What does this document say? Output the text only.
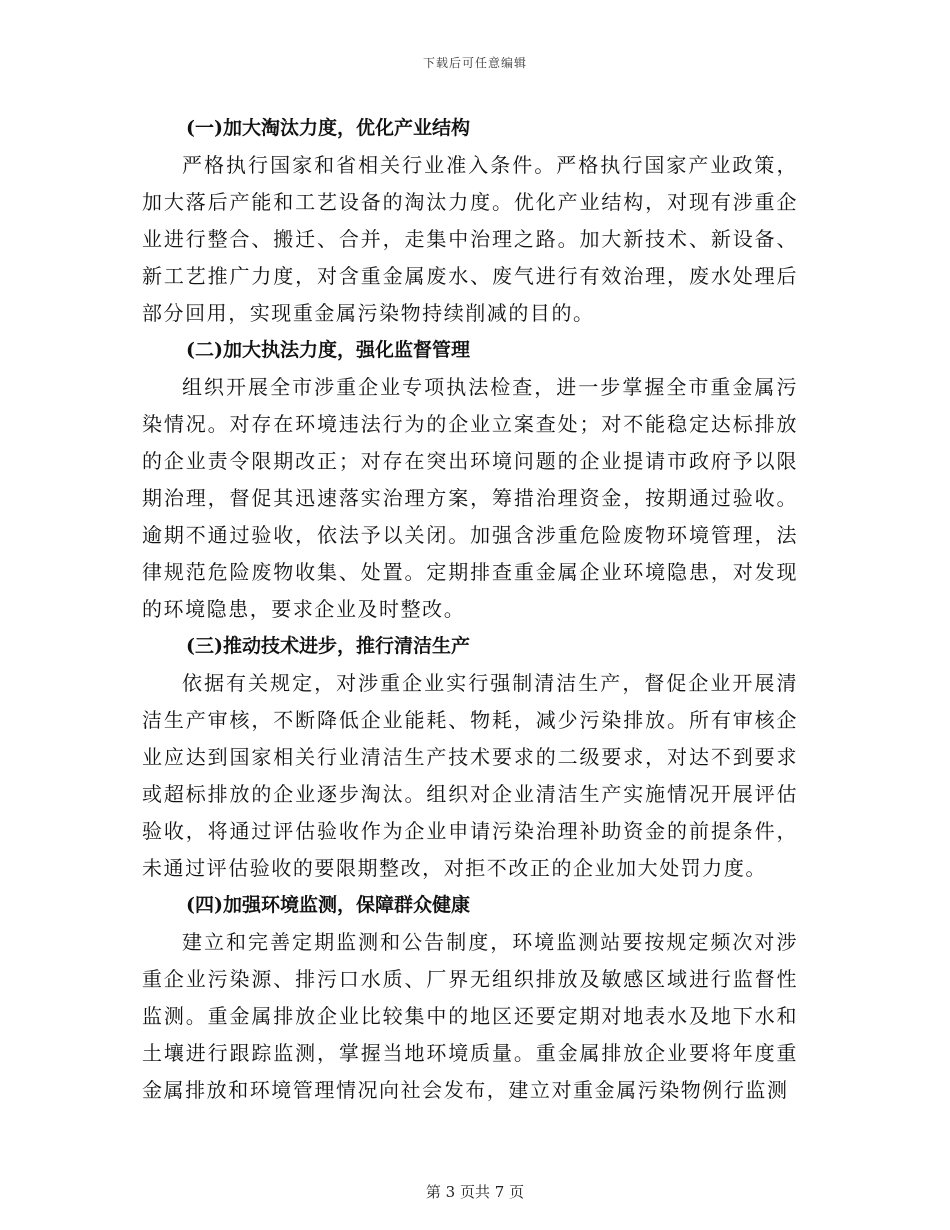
下载后可任意编辑
(一)加大淘汰力度，优化产业结构

严格执行国家和省相关行业准入条件。严格执行国家产业政策，加大落后产能和工艺设备的淘汰力度。优化产业结构，对现有涉重企业进行整合、搬迁、合并，走集中治理之路。加大新技术、新设备、新工艺推广力度，对含重金属废水、废气进行有效治理，废水处理后部分回用，实现重金属污染物持续削减的目的。

(二)加大执法力度，强化监督管理

组织开展全市涉重企业专项执法检查，进一步掌握全市重金属污染情况。对存在环境违法行为的企业立案查处；对不能稳定达标排放的企业责令限期改正；对存在突出环境问题的企业提请市政府予以限期治理，督促其迅速落实治理方案，筹措治理资金，按期通过验收。逾期不通过验收，依法予以关闭。加强含涉重危险废物环境管理，法律规范危险废物收集、处置。定期排查重金属企业环境隐患，对发现的环境隐患，要求企业及时整改。

(三)推动技术进步，推行清洁生产

依据有关规定，对涉重企业实行强制清洁生产，督促企业开展清洁生产审核，不断降低企业能耗、物耗，减少污染排放。所有审核企业应达到国家相关行业清洁生产技术要求的二级要求，对达不到要求或超标排放的企业逐步淘汰。组织对企业清洁生产实施情况开展评估验收，将通过评估验收作为企业申请污染治理补助资金的前提条件，未通过评估验收的要限期整改，对拒不改正的企业加大处罚力度。

(四)加强环境监测，保障群众健康

建立和完善定期监测和公告制度，环境监测站要按规定频次对涉重企业污染源、排污口水质、厂界无组织排放及敏感区域进行监督性监测。重金属排放企业比较集中的地区还要定期对地表水及地下水和土壤进行跟踪监测，掌握当地环境质量。重金属排放企业要将年度重金属排放和环境管理情况向社会发布，建立对重金属污染物例行监测

第 3 页共 7 页
